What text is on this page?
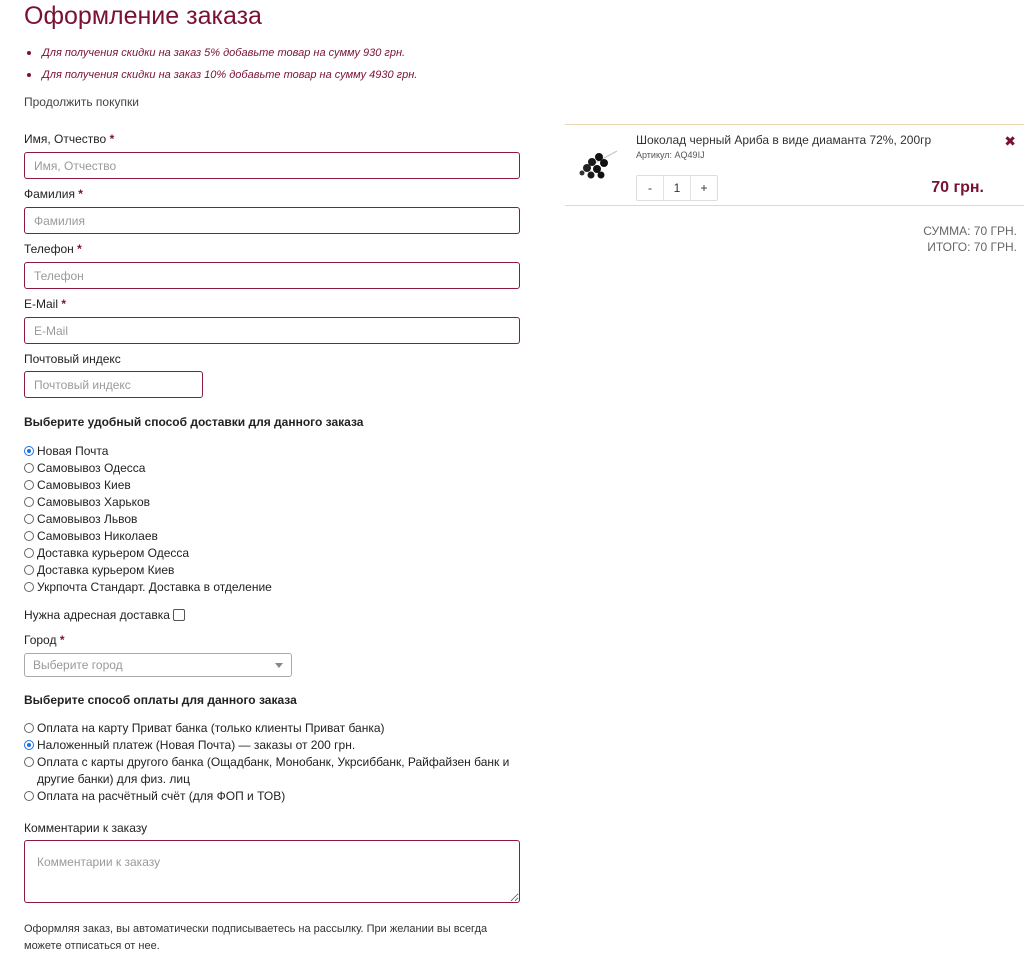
Оформление заказа
Для получения скидки на заказ 5% добавьте товар на сумму 930 грн.
Для получения скидки на заказ 10% добавьте товар на сумму 4930 грн.
Продолжить покупки
Имя, Отчество *
Имя, Отчество
Фамилия *
Фамилия
Телефон *
Телефон
E-Mail *
E-Mail
Почтовый индекс
Почтовый индекс
Выберите удобный способ доставки для данного заказа
Новая Почта
Самовывоз Одесса
Самовывоз Киев
Самовывоз Харьков
Самовывоз Львов
Самовывоз Николаев
Доставка курьером Одесса
Доставка курьером Киев
Укрпочта Стандарт. Доставка в отделение
Нужна адресная доставка
Город *
Выберите город
Выберите способ оплаты для данного заказа
Оплата на карту Приват банка (только клиенты Приват банка)
Наложенный платеж (Новая Почта) — заказы от 200 грн.
Оплата с карты другого банка (Ощадбанк, Монобанк, Укрсиббанк, Райфайзен банк и другие банки) для физ. лиц
Оплата на расчётный счёт (для ФОП и ТОВ)
Комментарии к заказу
Комментарии к заказу
Оформляя заказ, вы автоматически подписываетесь на рассылку. При желании вы всегда можете отписаться от нее.
Шоколад черный Ариба в виде диаманта 72%, 200гр
Артикул: AQ49IJ
✖
-	1	+	70 грн.
СУММА: 70 ГРН.
ИТОГО: 70 ГРН.
